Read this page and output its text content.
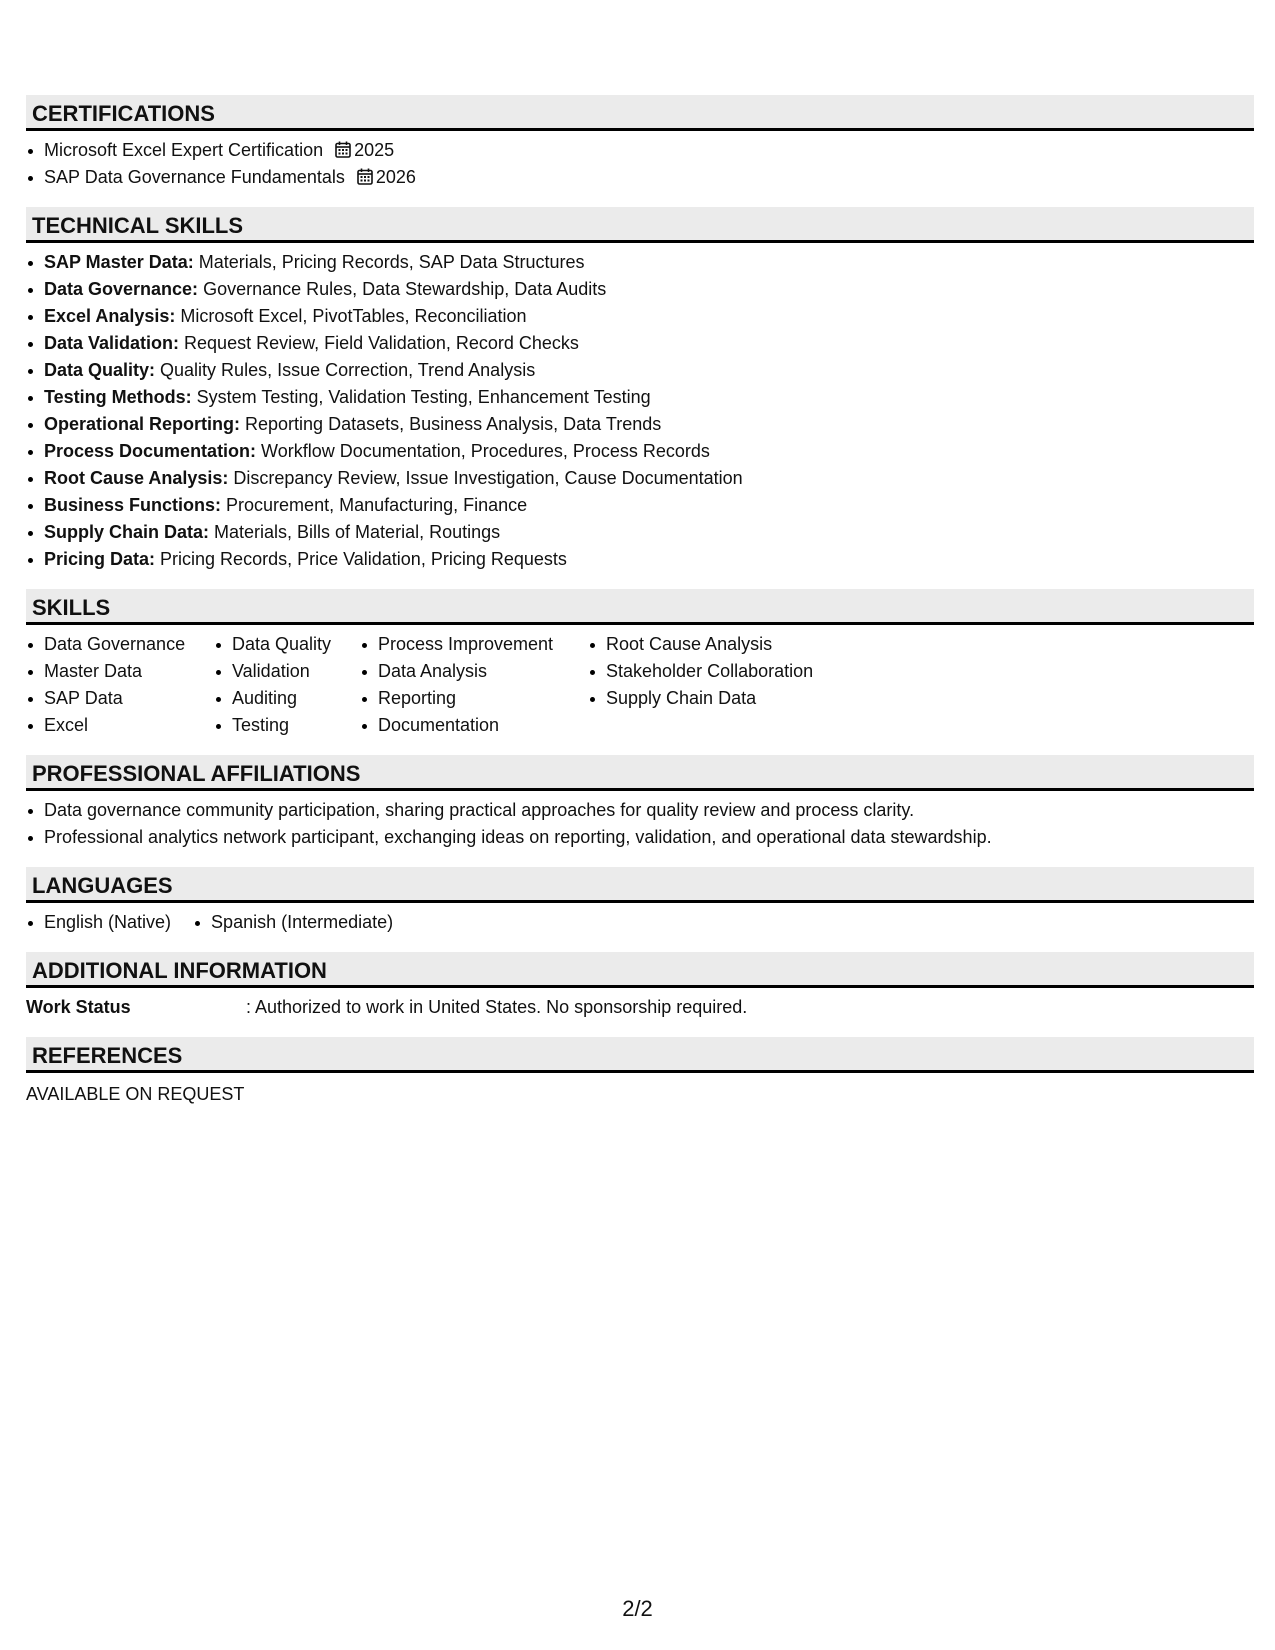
CERTIFICATIONS
Microsoft Excel Expert Certification 2025
SAP Data Governance Fundamentals 2026
TECHNICAL SKILLS
SAP Master Data: Materials, Pricing Records, SAP Data Structures
Data Governance: Governance Rules, Data Stewardship, Data Audits
Excel Analysis: Microsoft Excel, PivotTables, Reconciliation
Data Validation: Request Review, Field Validation, Record Checks
Data Quality: Quality Rules, Issue Correction, Trend Analysis
Testing Methods: System Testing, Validation Testing, Enhancement Testing
Operational Reporting: Reporting Datasets, Business Analysis, Data Trends
Process Documentation: Workflow Documentation, Procedures, Process Records
Root Cause Analysis: Discrepancy Review, Issue Investigation, Cause Documentation
Business Functions: Procurement, Manufacturing, Finance
Supply Chain Data: Materials, Bills of Material, Routings
Pricing Data: Pricing Records, Price Validation, Pricing Requests
SKILLS
Data Governance
Master Data
SAP Data
Excel
Data Quality
Validation
Auditing
Testing
Process Improvement
Data Analysis
Reporting
Documentation
Root Cause Analysis
Stakeholder Collaboration
Supply Chain Data
PROFESSIONAL AFFILIATIONS
Data governance community participation, sharing practical approaches for quality review and process clarity.
Professional analytics network participant, exchanging ideas on reporting, validation, and operational data stewardship.
LANGUAGES
English (Native)	Spanish (Intermediate)
ADDITIONAL INFORMATION
Work Status	: Authorized to work in United States. No sponsorship required.
REFERENCES
AVAILABLE ON REQUEST
2/2
